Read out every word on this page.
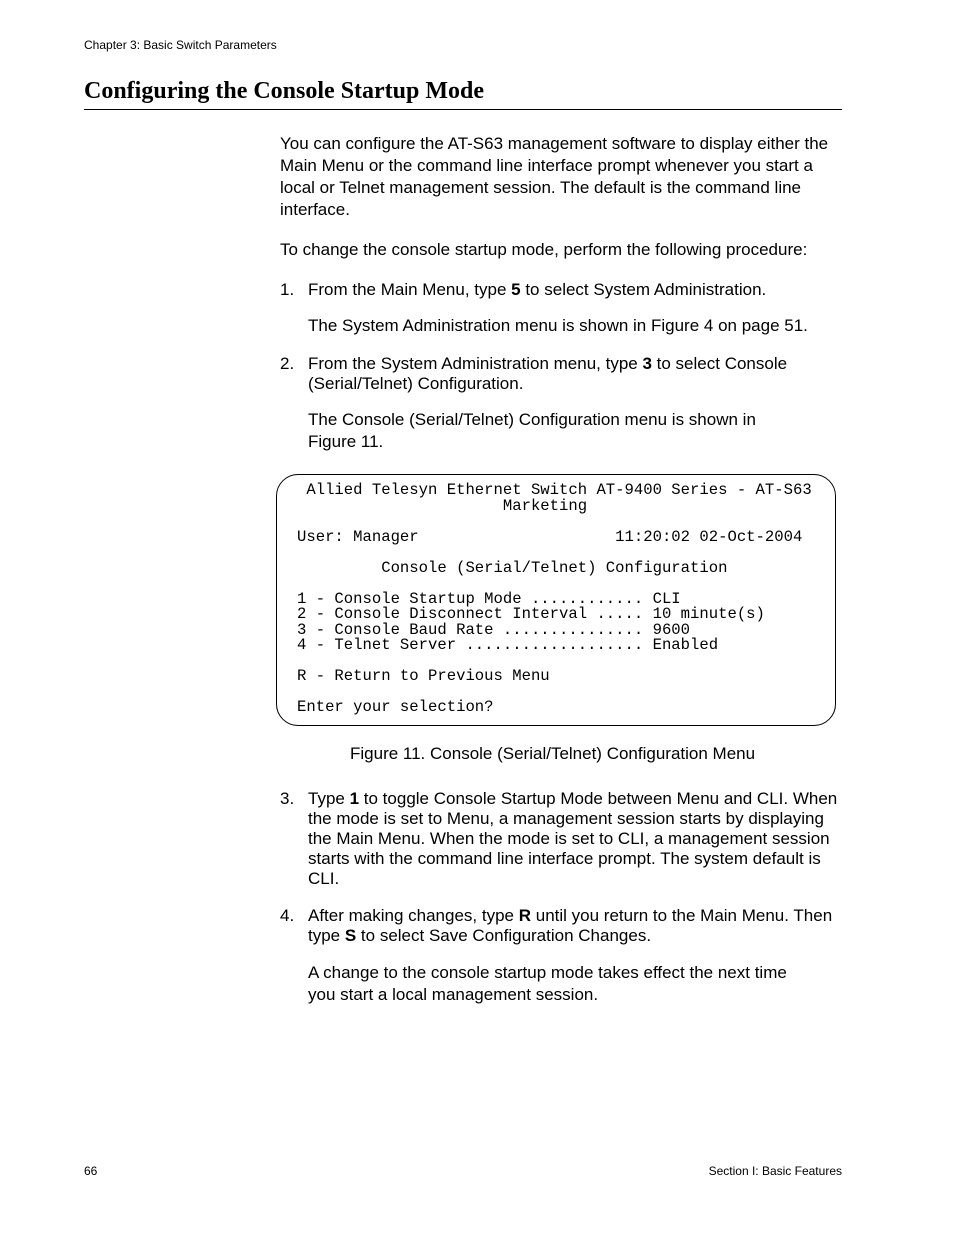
Chapter 3: Basic Switch Parameters
Configuring the Console Startup Mode

You can configure the AT-S63 management software to display either the Main Menu or the command line interface prompt whenever you start a local or Telnet management session. The default is the command line interface.

To change the console startup mode, perform the following procedure:

1. From the Main Menu, type 5 to select System Administration.

The System Administration menu is shown in Figure 4 on page 51.

2. From the System Administration menu, type 3 to select Console (Serial/Telnet) Configuration.

The Console (Serial/Telnet) Configuration menu is shown in Figure 11.

Allied Telesyn Ethernet Switch AT-9400 Series - AT-S63
Marketing

User: Manager                     11:20:02 02-Oct-2004

Console (Serial/Telnet) Configuration

1 - Console Startup Mode ............ CLI
2 - Console Disconnect Interval ..... 10 minute(s)
3 - Console Baud Rate ............... 9600
4 - Telnet Server ................... Enabled

R - Return to Previous Menu

Enter your selection?
Figure 11. Console (Serial/Telnet) Configuration Menu
3. Type 1 to toggle Console Startup Mode between Menu and CLI. When the mode is set to Menu, a management session starts by displaying the Main Menu. When the mode is set to CLI, a management session starts with the command line interface prompt. The system default is CLI.
4. After making changes, type R until you return to the Main Menu. Then type S to select Save Configuration Changes.

A change to the console startup mode takes effect the next time you start a local management session.

66	Section I: Basic Features
